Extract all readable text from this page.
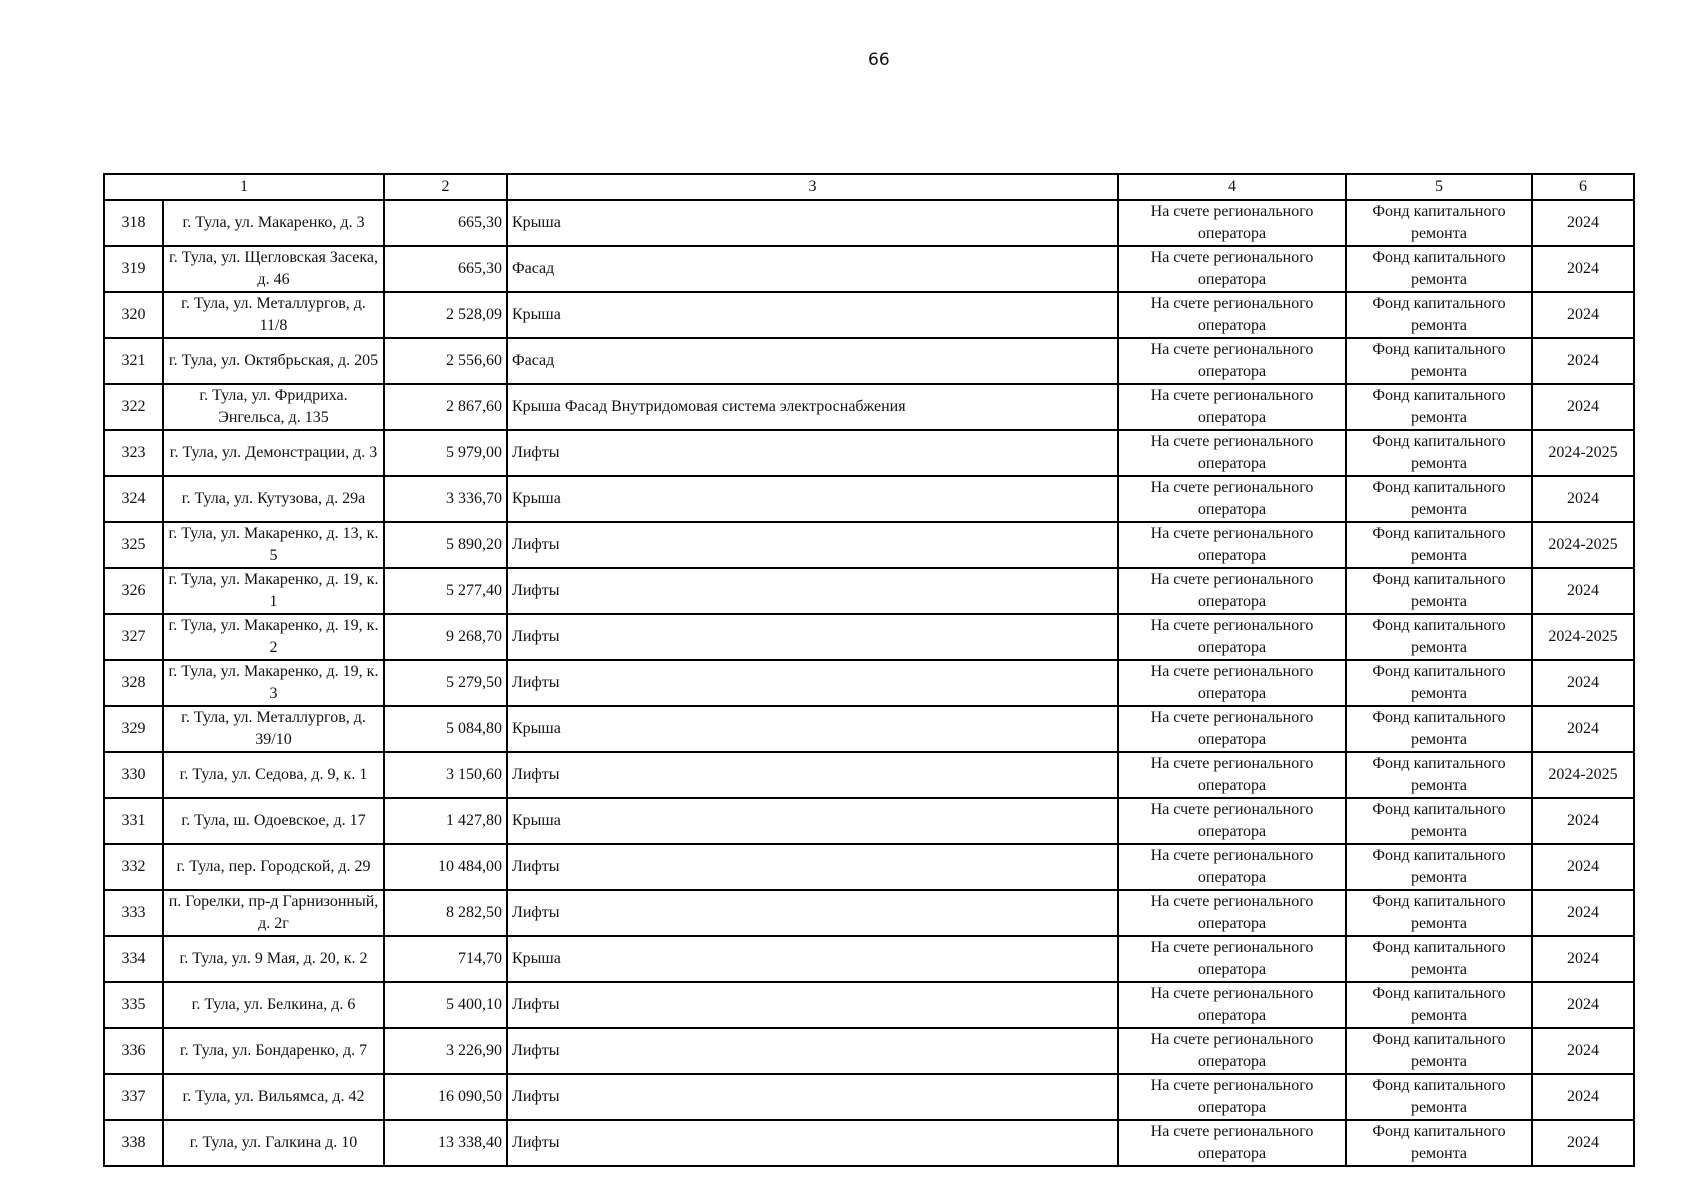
66
1		2	3	4	5	6
318	г. Тула, ул. Макаренко, д. 3	665,30	Крыша	На счете регионального оператора	Фонд капитального ремонта	2024
319	г. Тула, ул. Щегловская Засека, д. 46	665,30	Фасад	На счете регионального оператора	Фонд капитального ремонта	2024
320	г. Тула, ул. Металлургов, д. 11/8	2 528,09	Крыша	На счете регионального оператора	Фонд капитального ремонта	2024
321	г. Тула, ул. Октябрьская, д. 205	2 556,60	Фасад	На счете регионального оператора	Фонд капитального ремонта	2024
322	г. Тула, ул. Фридриха. Энгельса, д. 135	2 867,60	Крыша Фасад Внутридомовая система электроснабжения	На счете регионального оператора	Фонд капитального ремонта	2024
323	г. Тула, ул. Демонстрации, д. 3	5 979,00	Лифты	На счете регионального оператора	Фонд капитального ремонта	2024-2025
324	г. Тула, ул. Кутузова, д. 29а	3 336,70	Крыша	На счете регионального оператора	Фонд капитального ремонта	2024
325	г. Тула, ул. Макаренко, д. 13, к. 5	5 890,20	Лифты	На счете регионального оператора	Фонд капитального ремонта	2024-2025
326	г. Тула, ул. Макаренко, д. 19, к. 1	5 277,40	Лифты	На счете регионального оператора	Фонд капитального ремонта	2024
327	г. Тула, ул. Макаренко, д. 19, к. 2	9 268,70	Лифты	На счете регионального оператора	Фонд капитального ремонта	2024-2025
328	г. Тула, ул. Макаренко, д. 19, к. 3	5 279,50	Лифты	На счете регионального оператора	Фонд капитального ремонта	2024
329	г. Тула, ул. Металлургов, д. 39/10	5 084,80	Крыша	На счете регионального оператора	Фонд капитального ремонта	2024
330	г. Тула, ул. Седова, д. 9, к. 1	3 150,60	Лифты	На счете регионального оператора	Фонд капитального ремонта	2024-2025
331	г. Тула, ш. Одоевское, д. 17	1 427,80	Крыша	На счете регионального оператора	Фонд капитального ремонта	2024
332	г. Тула, пер. Городской, д. 29	10 484,00	Лифты	На счете регионального оператора	Фонд капитального ремонта	2024
333	п. Горелки, пр-д Гарнизонный, д. 2г	8 282,50	Лифты	На счете регионального оператора	Фонд капитального ремонта	2024
334	г. Тула, ул. 9 Мая, д. 20, к. 2	714,70	Крыша	На счете регионального оператора	Фонд капитального ремонта	2024
335	г. Тула, ул. Белкина, д. 6	5 400,10	Лифты	На счете регионального оператора	Фонд капитального ремонта	2024
336	г. Тула, ул. Бондаренко, д. 7	3 226,90	Лифты	На счете регионального оператора	Фонд капитального ремонта	2024
337	г. Тула, ул. Вильямса, д. 42	16 090,50	Лифты	На счете регионального оператора	Фонд капитального ремонта	2024
338	г. Тула, ул. Галкина д. 10	13 338,40	Лифты	На счете регионального оператора	Фонд капитального ремонта	2024
